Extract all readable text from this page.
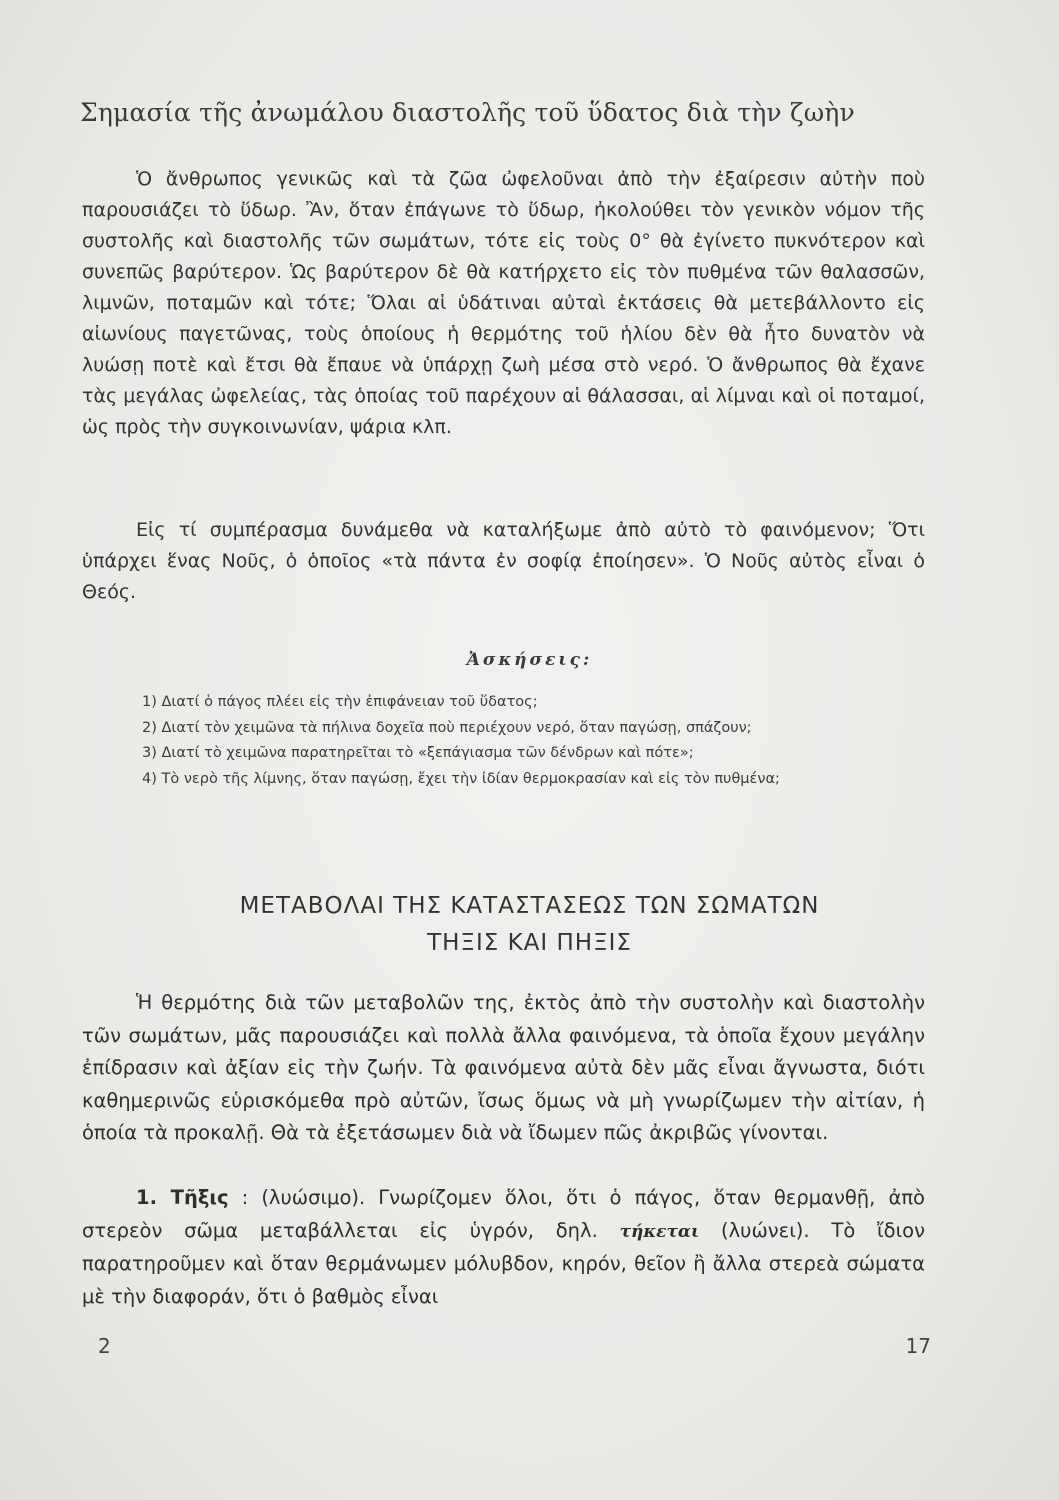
Σημασία τῆς ἀνωμάλου διαστολῆς τοῦ ὕδατος διὰ τὴν ζωὴν

Ὁ ἄνθρωπος γενικῶς καὶ τὰ ζῶα ὠφελοῦναι ἀπὸ τὴν ἐξαίρεσιν αὐτὴν ποὺ παρουσιάζει τὸ ὕδωρ. Ἂν, ὅταν ἐπάγωνε τὸ ὕδωρ, ἠκολούθει τὸν γενικὸν νόμον τῆς συστολῆς καὶ διαστολῆς τῶν σωμάτων, τότε εἰς τοὺς 0° θὰ ἐγίνετο πυκνότερον καὶ συνεπῶς βαρύτερον. Ὡς βαρύτερον δὲ θὰ κατήρχετο εἰς τὸν πυθμένα τῶν θαλασσῶν, λιμνῶν, ποταμῶν καὶ τότε; Ὅλαι αἱ ὑδάτιναι αὐταὶ ἐκτάσεις θὰ μετεβάλλοντο εἰς αἰωνίους παγετῶνας, τοὺς ὁποίους ἡ θερμότης τοῦ ἡλίου δὲν θὰ ἦτο δυνατὸν νὰ λυώσῃ ποτὲ καὶ ἔτσι θὰ ἔπαυε νὰ ὑπάρχῃ ζωὴ μέσα στὸ νερό. Ὁ ἄνθρωπος θὰ ἔχανε τὰς μεγάλας ὠφελείας, τὰς ὁποίας τοῦ παρέχουν αἱ θάλασσαι, αἱ λίμναι καὶ οἱ ποταμοί, ὡς πρὸς τὴν συγκοινωνίαν, ψάρια κλπ.

Εἰς τί συμπέρασμα δυνάμεθα νὰ καταλήξωμε ἀπὸ αὐτὸ τὸ φαινόμενον; Ὅτι ὑπάρχει ἕνας Νοῦς, ὁ ὁποῖος «τὰ πάντα ἐν σοφίᾳ ἐποίησεν». Ὁ Νοῦς αὐτὸς εἶναι ὁ Θεός.

Ἀσκήσεις:

1) Διατί ὁ πάγος πλέει εἰς τὴν ἐπιφάνειαν τοῦ ὕδατος;

2) Διατί τὸν χειμῶνα τὰ πήλινα δοχεῖα ποὺ περιέχουν νερό, ὅταν παγώσῃ, σπάζουν;

3) Διατί τὸ χειμῶνα παρατηρεῖται τὸ «ξεπάγιασμα τῶν δένδρων καὶ πότε»;

4) Τὸ νερὸ τῆς λίμνης, ὅταν παγώσῃ, ἔχει τὴν ἰδίαν θερμοκρασίαν καὶ εἰς τὸν πυθμένα;

ΜΕΤΑΒΟΛΑΙ ΤΗΣ ΚΑΤΑΣΤΑΣΕΩΣ ΤΩΝ ΣΩΜΑΤΩΝ
ΤΗΞΙΣ ΚΑΙ ΠΗΞΙΣ

Ἡ θερμότης διὰ τῶν μεταβολῶν της, ἐκτὸς ἀπὸ τὴν συστολὴν καὶ διαστολὴν τῶν σωμάτων, μᾶς παρουσιάζει καὶ πολλὰ ἄλλα φαινόμενα, τὰ ὁποῖα ἔχουν μεγάλην ἐπίδρασιν καὶ ἀξίαν εἰς τὴν ζωήν. Τὰ φαινόμενα αὐτὰ δὲν μᾶς εἶναι ἄγνωστα, διότι καθημερινῶς εὑρισκόμεθα πρὸ αὐτῶν, ἴσως ὅμως νὰ μὴ γνωρίζωμεν τὴν αἰτίαν, ἡ ὁποία τὰ προκαλῇ. Θὰ τὰ ἐξετάσωμεν διὰ νὰ ἴδωμεν πῶς ἀκριβῶς γίνονται.

1. Τῆξις : (λυώσιμο). Γνωρίζομεν ὅλοι, ὅτι ὁ πάγος, ὅταν θερμανθῇ, ἀπὸ στερεὸν σῶμα μεταβάλλεται εἰς ὑγρόν, δηλ. τήκεται (λυώνει). Τὸ ἴδιον παρατηροῦμεν καὶ ὅταν θερμάνωμεν μόλυβδον, κηρόν, θεῖον ἢ ἄλλα στερεὰ σώματα μὲ τὴν διαφοράν, ὅτι ὁ βαθμὸς εἶναι

2	17
